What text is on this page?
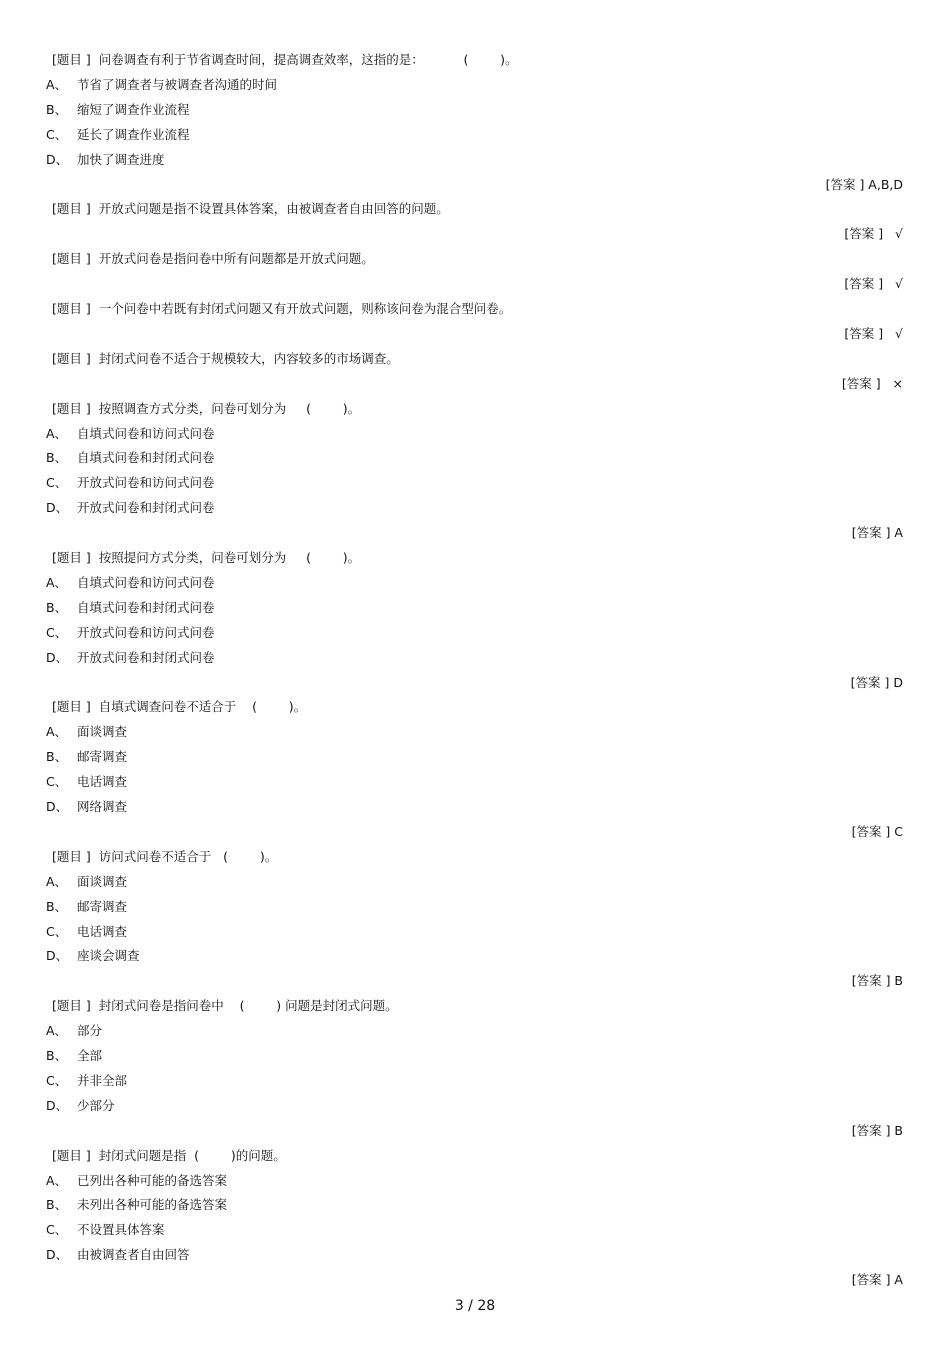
[题目 ] 问卷调查有利于节省调查时间，提高调查效率，这指的是：          (        )。
A、 节省了调查者与被调查者沟通的时间
B、 缩短了调查作业流程
C、 延长了调查作业流程
D、 加快了调查进度
[答案 ] A,B,D
[题目 ] 开放式问题是指不设置具体答案，由被调查者自由回答的问题。
[答案 ]   √
[题目 ] 开放式问卷是指问卷中所有问题都是开放式问题。
[答案 ]   √
[题目 ] 一个问卷中若既有封闭式问题又有开放式问题，则称该问卷为混合型问卷。
[答案 ]   √
[题目 ] 封闭式问卷不适合于规模较大，内容较多的市场调查。
[答案 ]   ×
[题目 ] 按照调查方式分类，问卷可划分为     (        )。
A、 自填式问卷和访问式问卷
B、 自填式问卷和封闭式问卷
C、 开放式问卷和访问式问卷
D、 开放式问卷和封闭式问卷
[答案 ] A
[题目 ] 按照提问方式分类，问卷可划分为     (        )。
A、 自填式问卷和访问式问卷
B、 自填式问卷和封闭式问卷
C、 开放式问卷和访问式问卷
D、 开放式问卷和封闭式问卷
[答案 ] D
[题目 ] 自填式调查问卷不适合于    (        )。
A、 面谈调查
B、 邮寄调查
C、 电话调查
D、 网络调查
[答案 ] C
[题目 ] 访问式问卷不适合于   (        )。
A、 面谈调查
B、 邮寄调查
C、 电话调查
D、 座谈会调查
[答案 ] B
[题目 ] 封闭式问卷是指问卷中    (        ) 问题是封闭式问题。
A、 部分
B、 全部
C、 并非全部
D、 少部分
[答案 ] B
[题目 ] 封闭式问题是指  (        )的问题。
A、 已列出各种可能的备选答案
B、 未列出各种可能的备选答案
C、 不设置具体答案
D、 由被调查者自由回答
[答案 ] A
3 / 28
